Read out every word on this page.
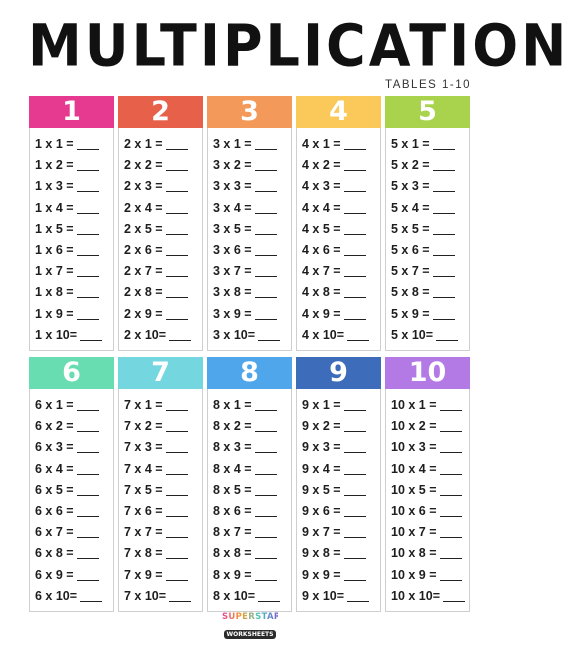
MULTIPLICATION
TABLES 1-10
1
1 x 1 =
1 x 2 =
1 x 3 =
1 x 4 =
1 x 5 =
1 x 6 =
1 x 7 =
1 x 8 =
1 x 9 =
1 x 10=
2
2 x 1 =
2 x 2 =
2 x 3 =
2 x 4 =
2 x 5 =
2 x 6 =
2 x 7 =
2 x 8 =
2 x 9 =
2 x 10=
3
3 x 1 =
3 x 2 =
3 x 3 =
3 x 4 =
3 x 5 =
3 x 6 =
3 x 7 =
3 x 8 =
3 x 9 =
3 x 10=
4
4 x 1 =
4 x 2 =
4 x 3 =
4 x 4 =
4 x 5 =
4 x 6 =
4 x 7 =
4 x 8 =
4 x 9 =
4 x 10=
5
5 x 1 =
5 x 2 =
5 x 3 =
5 x 4 =
5 x 5 =
5 x 6 =
5 x 7 =
5 x 8 =
5 x 9 =
5 x 10=
6
6 x 1 =
6 x 2 =
6 x 3 =
6 x 4 =
6 x 5 =
6 x 6 =
6 x 7 =
6 x 8 =
6 x 9 =
6 x 10=
7
7 x 1 =
7 x 2 =
7 x 3 =
7 x 4 =
7 x 5 =
7 x 6 =
7 x 7 =
7 x 8 =
7 x 9 =
7 x 10=
8
8 x 1 =
8 x 2 =
8 x 3 =
8 x 4 =
8 x 5 =
8 x 6 =
8 x 7 =
8 x 8 =
8 x 9 =
8 x 10=
9
9 x 1 =
9 x 2 =
9 x 3 =
9 x 4 =
9 x 5 =
9 x 6 =
9 x 7 =
9 x 8 =
9 x 9 =
9 x 10=
10
10 x 1 =
10 x 2 =
10 x 3 =
10 x 4 =
10 x 5 =
10 x 6 =
10 x 7 =
10 x 8 =
10 x 9 =
10 x 10=
SUPERSTAR
WORKSHEETS
